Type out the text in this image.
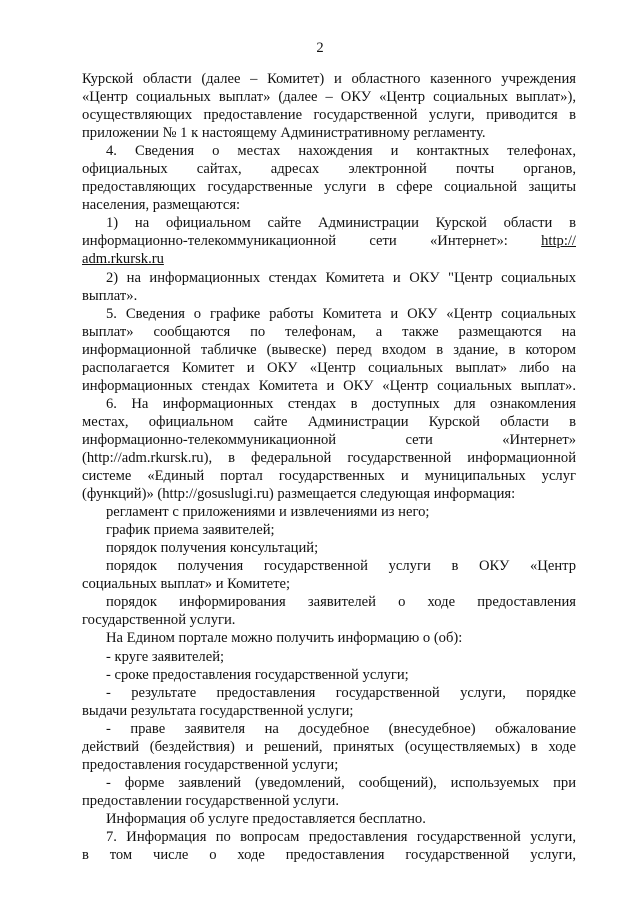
2
Курской области (далее – Комитет) и областного казенного учреждения
«Центр социальных выплат» (далее – ОКУ «Центр социальных выплат»),
осуществляющих предоставление государственной услуги, приводится в
приложении № 1 к настоящему Административному регламенту.
4. Сведения о местах нахождения и контактных телефонах,
официальных сайтах, адресах электронной почты органов,
предоставляющих государственные услуги в сфере социальной защиты
населения, размещаются:
1) на официальном сайте Администрации Курской области в
информационно-телекоммуникационной сети «Интернет»: http://
adm.rkursk.ru
2) на информационных стендах Комитета и ОКУ "Центр социальных
выплат».
5. Сведения о графике работы Комитета и ОКУ «Центр социальных
выплат» сообщаются по телефонам, а также размещаются на
информационной табличке (вывеске) перед входом в здание, в котором
располагается Комитет и ОКУ «Центр социальных выплат» либо на
информационных стендах Комитета и ОКУ «Центр социальных выплат».
6. На информационных стендах в доступных для ознакомления
местах, официальном сайте Администрации Курской области в
информационно-телекоммуникационной сети «Интернет»
(http://adm.rkursk.ru), в федеральной государственной информационной
системе «Единый портал государственных и муниципальных услуг
(функций)» (http://gosuslugi.ru) размещается следующая информация:
регламент с приложениями и извлечениями из него;
график приема заявителей;
порядок получения консультаций;
порядок получения государственной услуги в ОКУ «Центр
социальных выплат» и Комитете;
порядок информирования заявителей о ходе предоставления
государственной услуги.
На Едином портале можно получить информацию о (об):
- круге заявителей;
- сроке предоставления государственной услуги;
- результате предоставления государственной услуги, порядке
выдачи результата государственной услуги;
- праве заявителя на досудебное (внесудебное) обжалование
действий (бездействия) и решений, принятых (осуществляемых) в ходе
предоставления государственной услуги;
- форме заявлений (уведомлений, сообщений), используемых при
предоставлении государственной услуги.
Информация об услуге предоставляется бесплатно.
7. Информация по вопросам предоставления государственной услуги,
в том числе о ходе предоставления государственной услуги,
